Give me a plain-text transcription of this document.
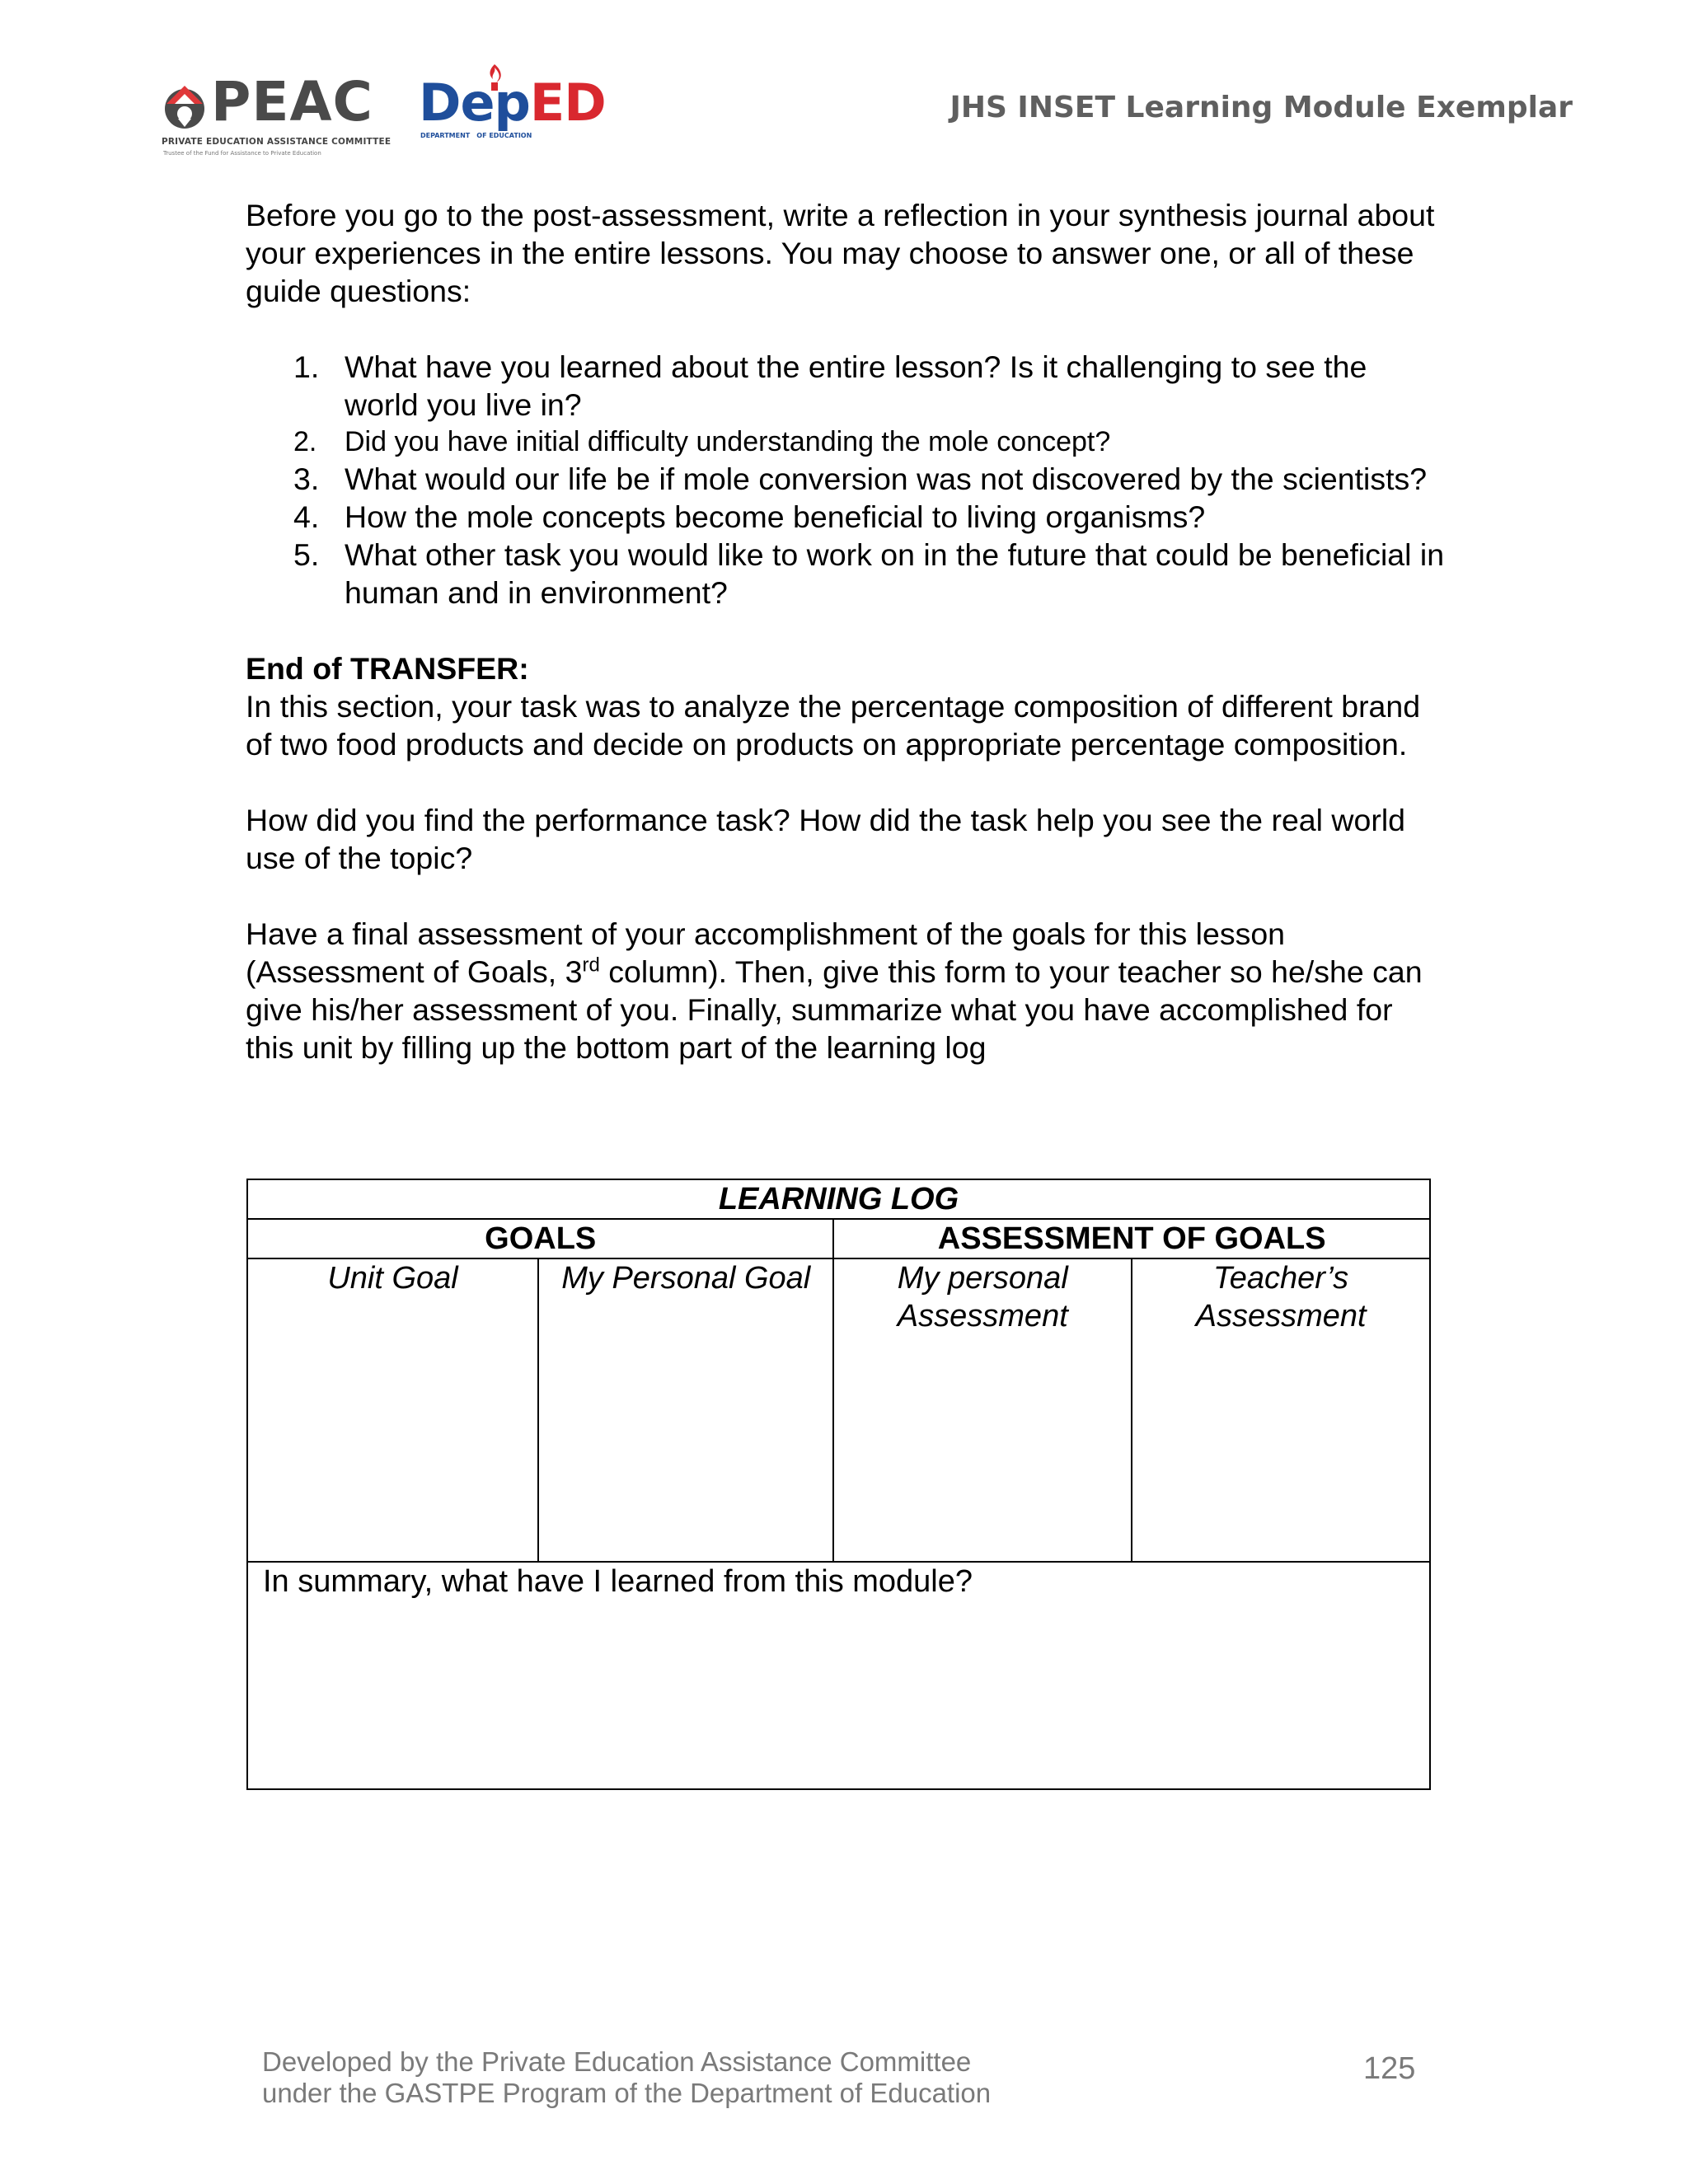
PEAC
PRIVATE EDUCATION ASSISTANCE COMMITTEE
Trustee of the Fund for Assistance to Private Education
DepED
DEPARTMENT OF EDUCATION
JHS INSET Learning Module Exemplar

Before you go to the post-assessment, write a reflection in your synthesis journal about your experiences in the entire lessons. You may choose to answer one, or all of these guide questions:

1. What have you learned about the entire lesson? Is it challenging to see the world you live in?
2. Did you have initial difficulty understanding the mole concept?
3. What would our life be if mole conversion was not discovered by the scientists?
4. How the mole concepts become beneficial to living organisms?
5. What other task you would like to work on in the future that could be beneficial in human and in environment?

End of TRANSFER:

In this section, your task was to analyze the percentage composition of different brand of two food products and decide on products on appropriate percentage composition.

How did you find the performance task? How did the task help you see the real world use of the topic?

Have a final assessment of your accomplishment of the goals for this lesson (Assessment of Goals, 3rd column). Then, give this form to your teacher so he/she can give his/her assessment of you. Finally, summarize what you have accomplished for this unit by filling up the bottom part of the learning log

LEARNING LOG			
GOALS		ASSESSMENT OF GOALS	
Unit Goal	My Personal Goal	My personal Assessment	Teacher’s Assessment

In summary, what have I learned from this module?			
Developed by the Private Education Assistance Committee
under the GASTPE Program of the Department of Education
125
